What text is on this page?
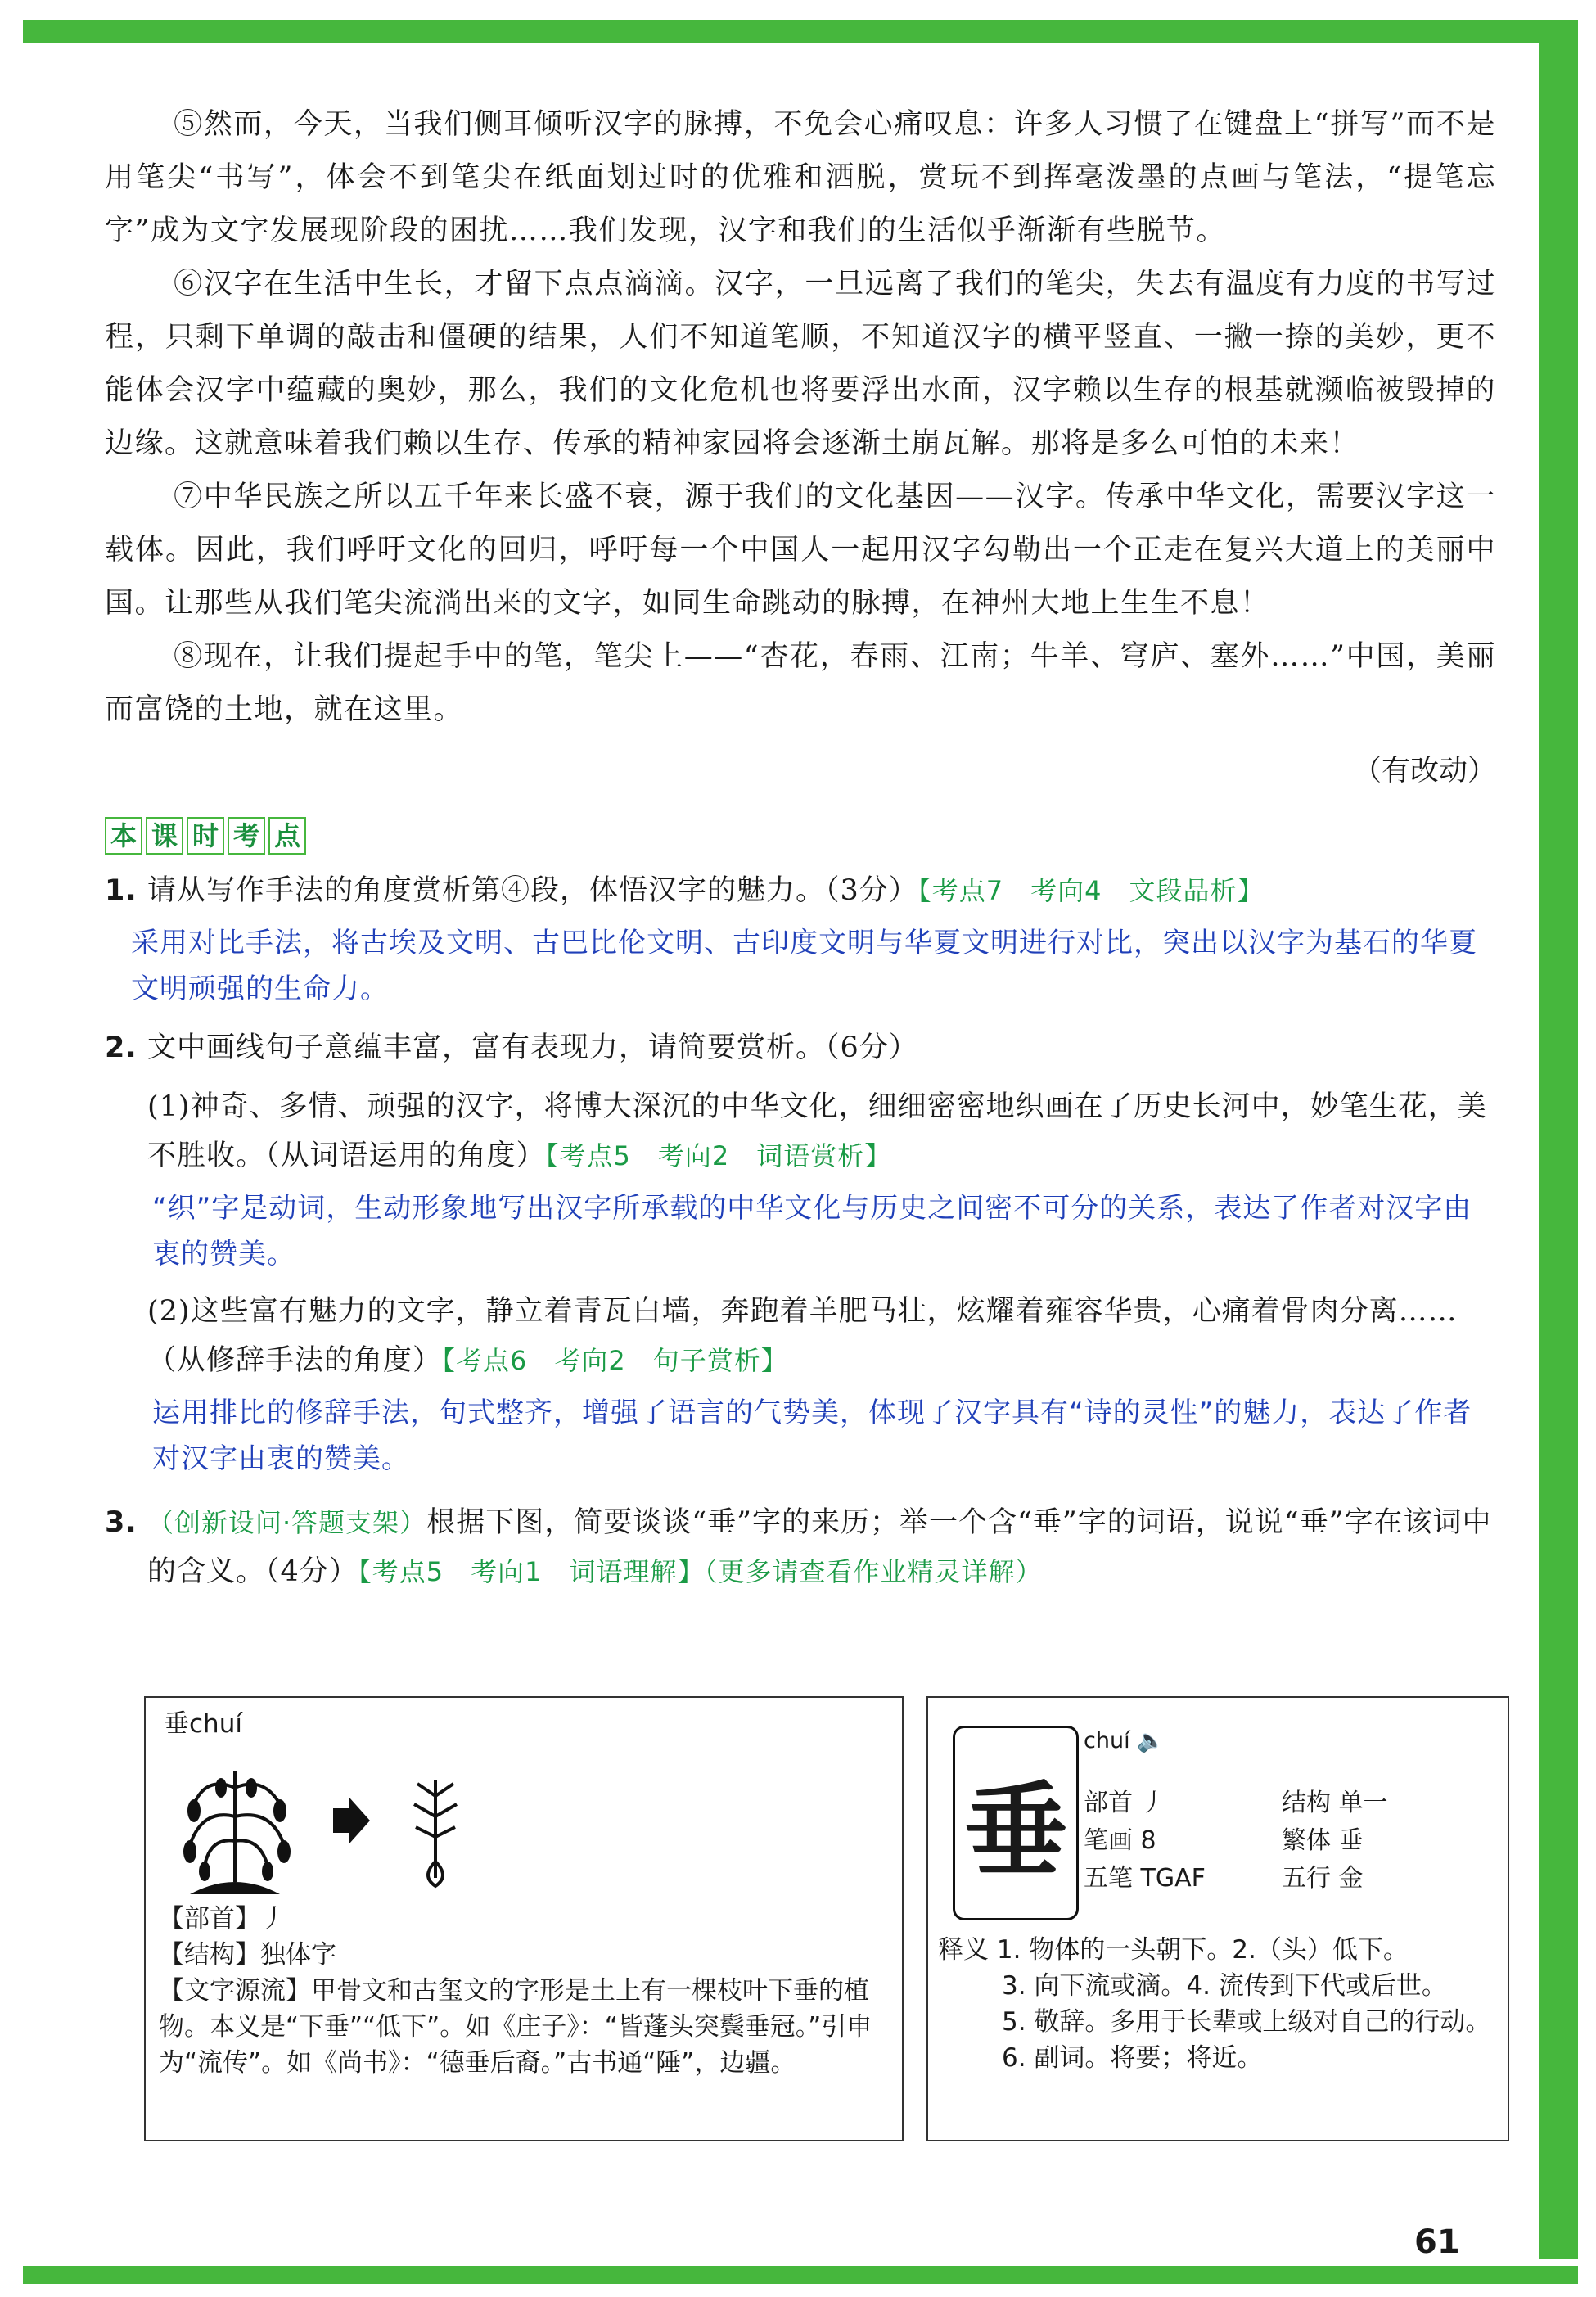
⑤然而，今天，当我们侧耳倾听汉字的脉搏，不免会心痛叹息：许多人习惯了在键盘上“拼写”而不是用笔尖“书写”，体会不到笔尖在纸面划过时的优雅和洒脱，赏玩不到挥毫泼墨的点画与笔法，“提笔忘字”成为文字发展现阶段的困扰……我们发现，汉字和我们的生活似乎渐渐有些脱节。

⑥汉字在生活中生长，才留下点点滴滴。汉字，一旦远离了我们的笔尖，失去有温度有力度的书写过程，只剩下单调的敲击和僵硬的结果，人们不知道笔顺，不知道汉字的横平竖直、一撇一捺的美妙，更不能体会汉字中蕴藏的奥妙，那么，我们的文化危机也将要浮出水面，汉字赖以生存的根基就濒临被毁掉的边缘。这就意味着我们赖以生存、传承的精神家园将会逐渐土崩瓦解。那将是多么可怕的未来！

⑦中华民族之所以五千年来长盛不衰，源于我们的文化基因——汉字。传承中华文化，需要汉字这一载体。因此，我们呼吁文化的回归，呼吁每一个中国人一起用汉字勾勒出一个正走在复兴大道上的美丽中国。让那些从我们笔尖流淌出来的文字，如同生命跳动的脉搏，在神州大地上生生不息！

⑧现在，让我们提起手中的笔，笔尖上——“杏花，春雨、江南；牛羊、穹庐、塞外……”中国，美丽而富饶的土地，就在这里。

（有改动）

本 课 时 考 点
1. 请从写作手法的角度赏析第④段，体悟汉字的魅力。（3分）【考点7　考向4　文段品析】
采用对比手法，将古埃及文明、古巴比伦文明、古印度文明与华夏文明进行对比，突出以汉字为基石的华夏文明顽强的生命力。
2. 文中画线句子意蕴丰富，富有表现力，请简要赏析。（6分）
(1)神奇、多情、顽强的汉字，将博大深沉的中华文化，细细密密地织画在了历史长河中，妙笔生花，美不胜收。（从词语运用的角度）【考点5　考向2　词语赏析】
“织”字是动词，生动形象地写出汉字所承载的中华文化与历史之间密不可分的关系，表达了作者对汉字由衷的赞美。
(2)这些富有魅力的文字，静立着青瓦白墙，奔跑着羊肥马壮，炫耀着雍容华贵，心痛着骨肉分离……（从修辞手法的角度）【考点6　考向2　句子赏析】
运用排比的修辞手法，句式整齐，增强了语言的气势美，体现了汉字具有“诗的灵性”的魅力，表达了作者对汉字由衷的赞美。
3. （创新设问·答题支架）根据下图，简要谈谈“垂”字的来历；举一个含“垂”字的词语，说说“垂”字在该词中的含义。（4分）【考点5　考向1　词语理解】（更多请查看作业精灵详解）
垂chuí
【部首】丿
【结构】独体字
【文字源流】甲骨文和古玺文的字形是土上有一棵枝叶下垂的植物。本义是“下垂”“低下”。如《庄子》：“皆蓬头突鬓垂冠。”引申为“流传”。如《尚书》：“德垂后裔。”古书通“陲”，边疆。
垂
chuí 🔈
部首 丿
笔画 8
五笔 TGAF
结构 单一
繁体 垂
五行 金
释义 1. 物体的一头朝下。2.（头）低下。
3. 向下流或滴。4. 流传到下代或后世。
5. 敬辞。多用于长辈或上级对自己的行动。6. 副词。将要；将近。
61
